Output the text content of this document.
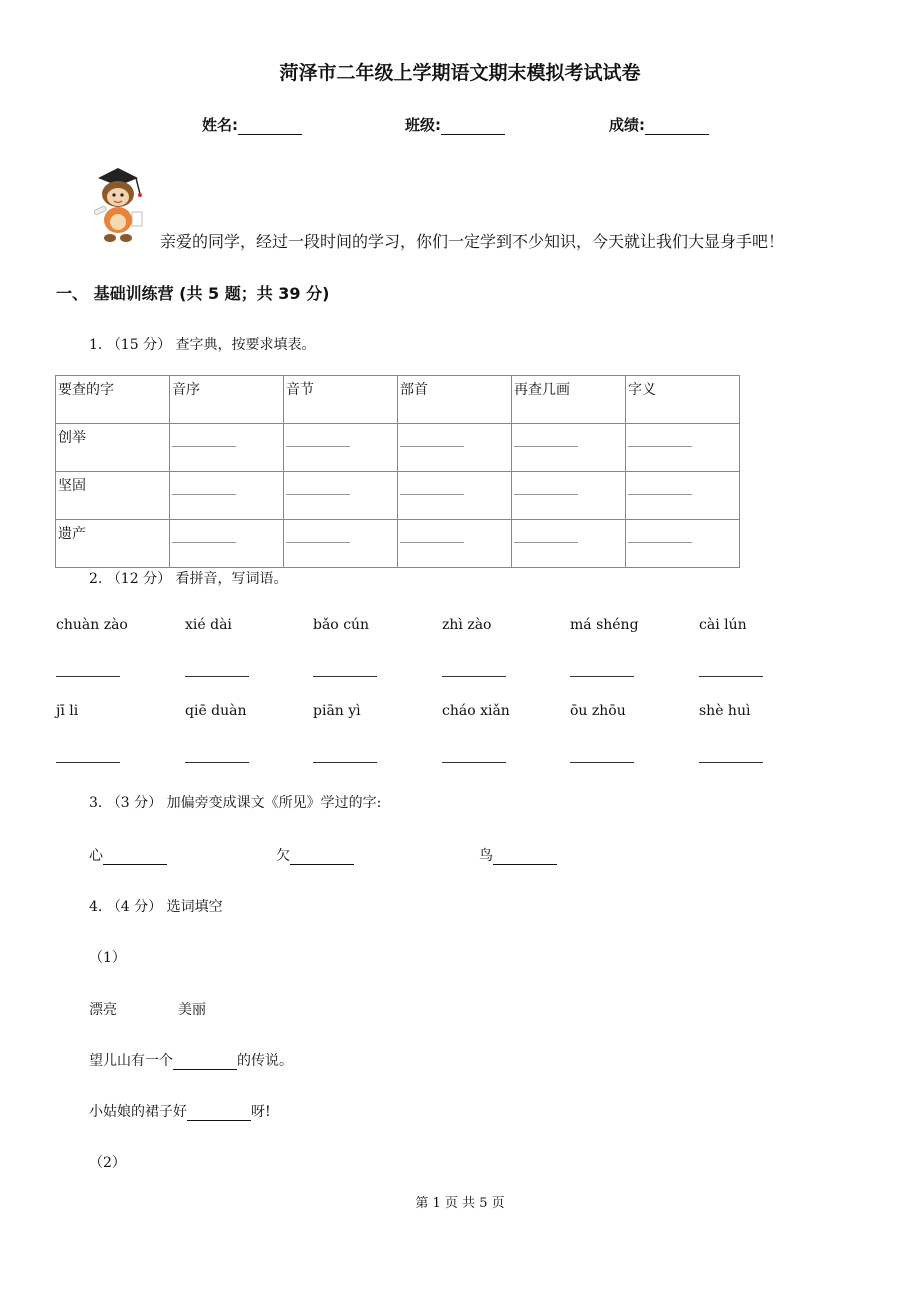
菏泽市二年级上学期语文期末模拟考试试卷
姓名:	班级:	成绩:
亲爱的同学，经过一段时间的学习，你们一定学到不少知识，今天就让我们大显身手吧！
一、 基础训练营 (共 5 题；共 39 分)
1. （15 分） 查字典，按要求填表。
要查的字	音序	音节	部首	再查几画	字义
创举	

坚固	

遗产	

2. （12 分） 看拼音，写词语。
chuàn zào	xié dài	bǎo cún	zhì zào	má shéng	cài lún
jī li	qiē duàn	piān yì	cháo xiǎn	ōu zhōu	shè huì
3. （3 分） 加偏旁变成课文《所见》学过的字:
心	欠	鸟
4. （4 分） 选词填空
（1）
漂亮	美丽
望儿山有一个	的传说。
小姑娘的裙子好	呀!
（2）
第 1 页 共 5 页
